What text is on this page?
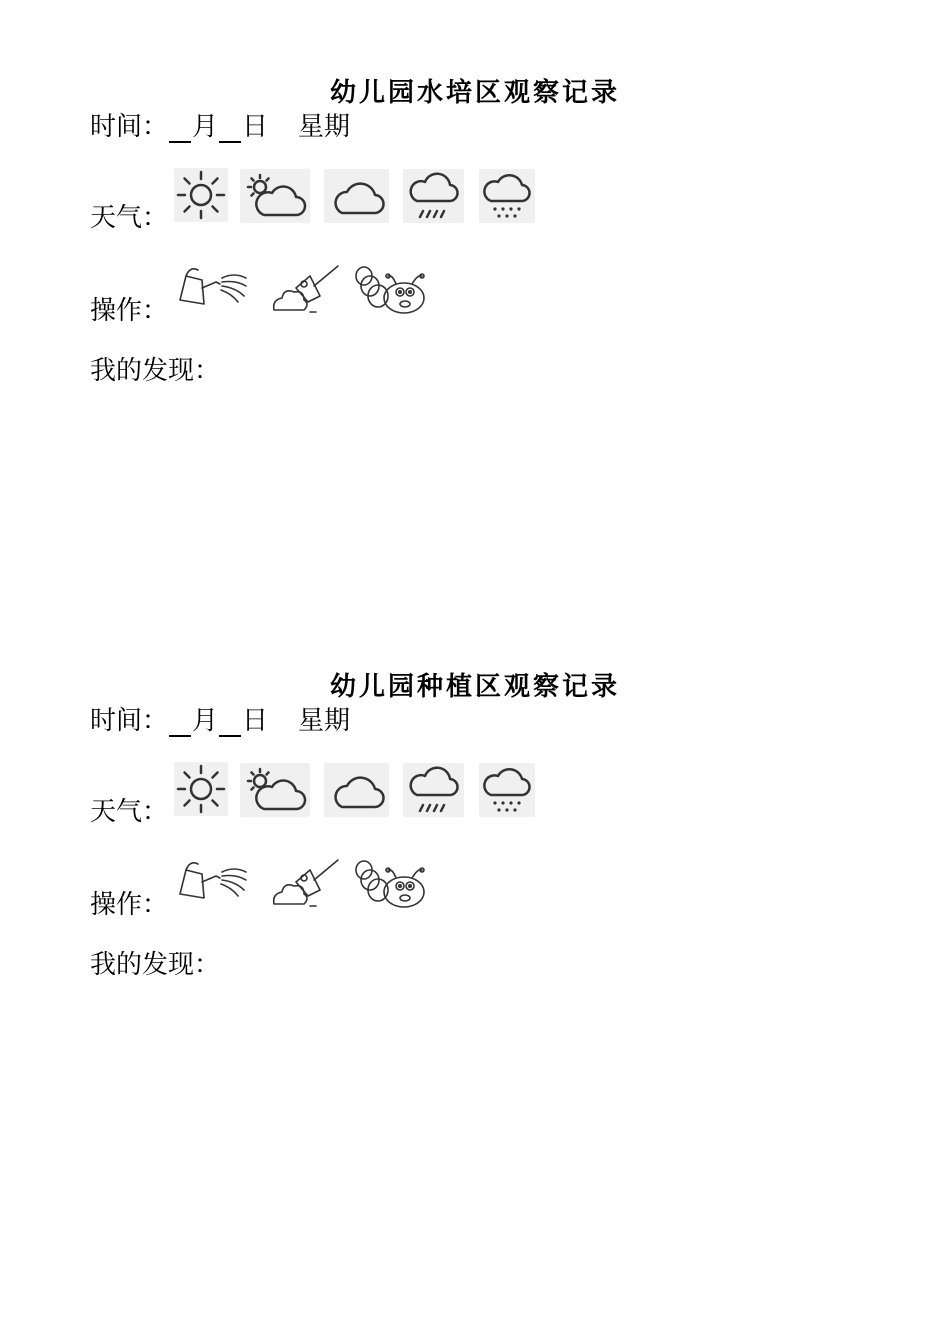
幼儿园水培区观察记录
时间： 月 日 星期
天气：
操作：
我的发现：
幼儿园种植区观察记录
时间： 月 日 星期
天气：
操作：
我的发现：
